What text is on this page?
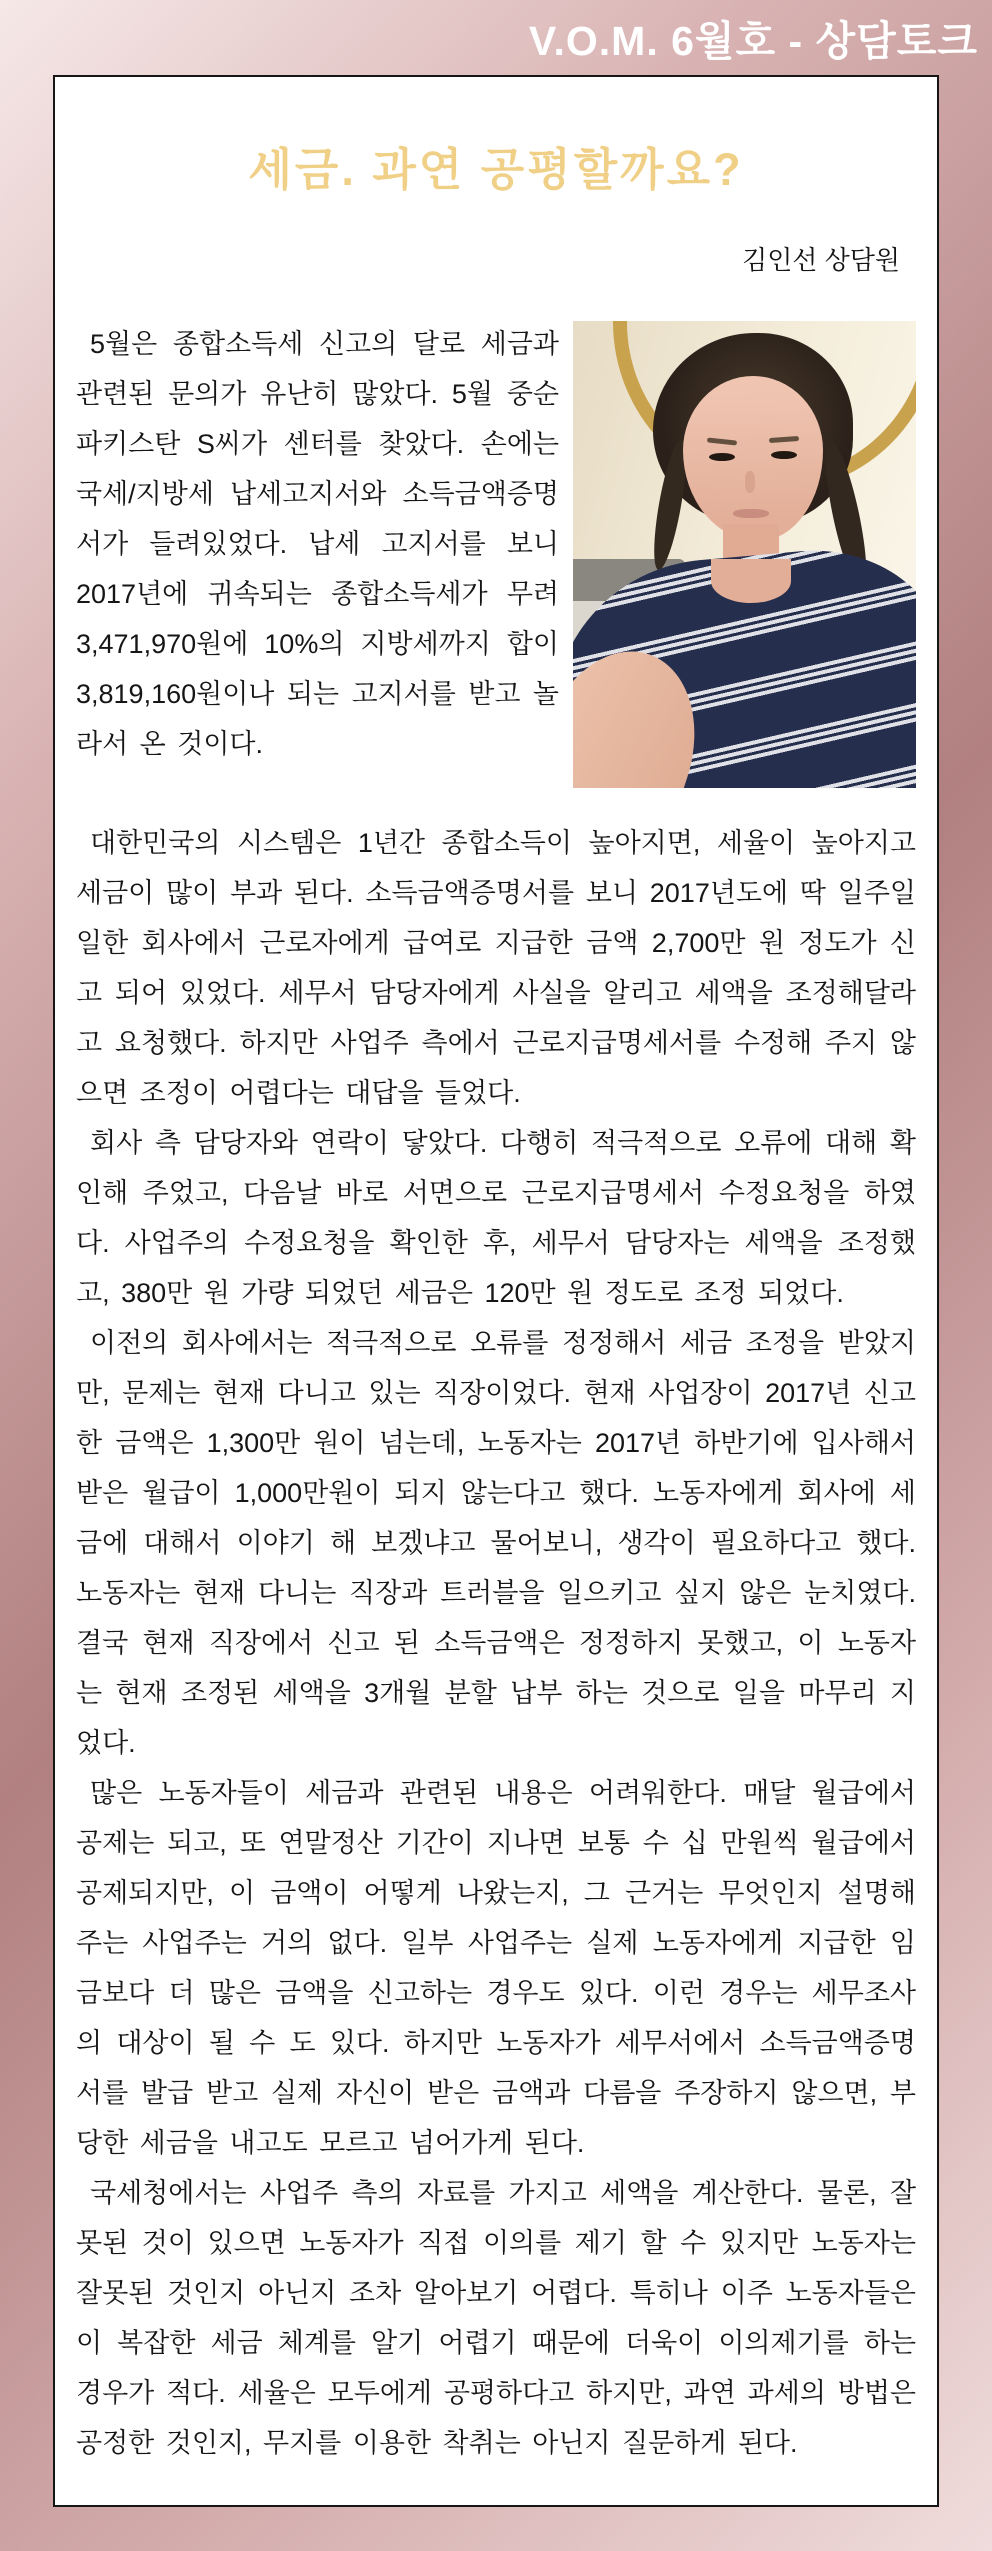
V.O.M. 6월호 - 상담토크
세금. 과연 공평할까요?
김인선 상담원

5월은 종합소득세 신고의 달로 세금과 관련된 문의가 유난히 많았다. 5월 중순 파키스탄 S씨가 센터를 찾았다. 손에는 국세/지방세 납세고지서와 소득금액증명서가 들려있었다. 납세 고지서를 보니 2017년에 귀속되는 종합소득세가 무려 3,471,970원에 10%의 지방세까지 합이 3,819,160원이나 되는 고지서를 받고 놀라서 온 것이다.

대한민국의 시스템은 1년간 종합소득이 높아지면, 세율이 높아지고 세금이 많이 부과 된다. 소득금액증명서를 보니 2017년도에 딱 일주일 일한 회사에서 근로자에게 급여로 지급한 금액 2,700만 원 정도가 신고 되어 있었다. 세무서 담당자에게 사실을 알리고 세액을 조정해달라고 요청했다. 하지만 사업주 측에서 근로지급명세서를 수정해 주지 않으면 조정이 어렵다는 대답을 들었다.

회사 측 담당자와 연락이 닿았다. 다행히 적극적으로 오류에 대해 확인해 주었고, 다음날 바로 서면으로 근로지급명세서 수정요청을 하였다. 사업주의 수정요청을 확인한 후, 세무서 담당자는 세액을 조정했고, 380만 원 가량 되었던 세금은 120만 원 정도로 조정 되었다.

이전의 회사에서는 적극적으로 오류를 정정해서 세금 조정을 받았지만, 문제는 현재 다니고 있는 직장이었다. 현재 사업장이 2017년 신고한 금액은 1,300만 원이 넘는데, 노동자는 2017년 하반기에 입사해서 받은 월급이 1,000만원이 되지 않는다고 했다. 노동자에게 회사에 세금에 대해서 이야기 해 보겠냐고 물어보니, 생각이 필요하다고 했다. 노동자는 현재 다니는 직장과 트러블을 일으키고 싶지 않은 눈치였다. 결국 현재 직장에서 신고 된 소득금액은 정정하지 못했고, 이 노동자는 현재 조정된 세액을 3개월 분할 납부 하는 것으로 일을 마무리 지었다.

많은 노동자들이 세금과 관련된 내용은 어려워한다. 매달 월급에서 공제는 되고, 또 연말정산 기간이 지나면 보통 수 십 만원씩 월급에서 공제되지만, 이 금액이 어떻게 나왔는지, 그 근거는 무엇인지 설명해 주는 사업주는 거의 없다. 일부 사업주는 실제 노동자에게 지급한 임금보다 더 많은 금액을 신고하는 경우도 있다. 이런 경우는 세무조사의 대상이 될 수 도 있다. 하지만 노동자가 세무서에서 소득금액증명서를 발급 받고 실제 자신이 받은 금액과 다름을 주장하지 않으면, 부당한 세금을 내고도 모르고 넘어가게 된다.

국세청에서는 사업주 측의 자료를 가지고 세액을 계산한다. 물론, 잘못된 것이 있으면 노동자가 직접 이의를 제기 할 수 있지만 노동자는 잘못된 것인지 아닌지 조차 알아보기 어렵다. 특히나 이주 노동자들은 이 복잡한 세금 체계를 알기 어렵기 때문에 더욱이 이의제기를 하는 경우가 적다. 세율은 모두에게 공평하다고 하지만, 과연 과세의 방법은 공정한 것인지, 무지를 이용한 착취는 아닌지 질문하게 된다.
